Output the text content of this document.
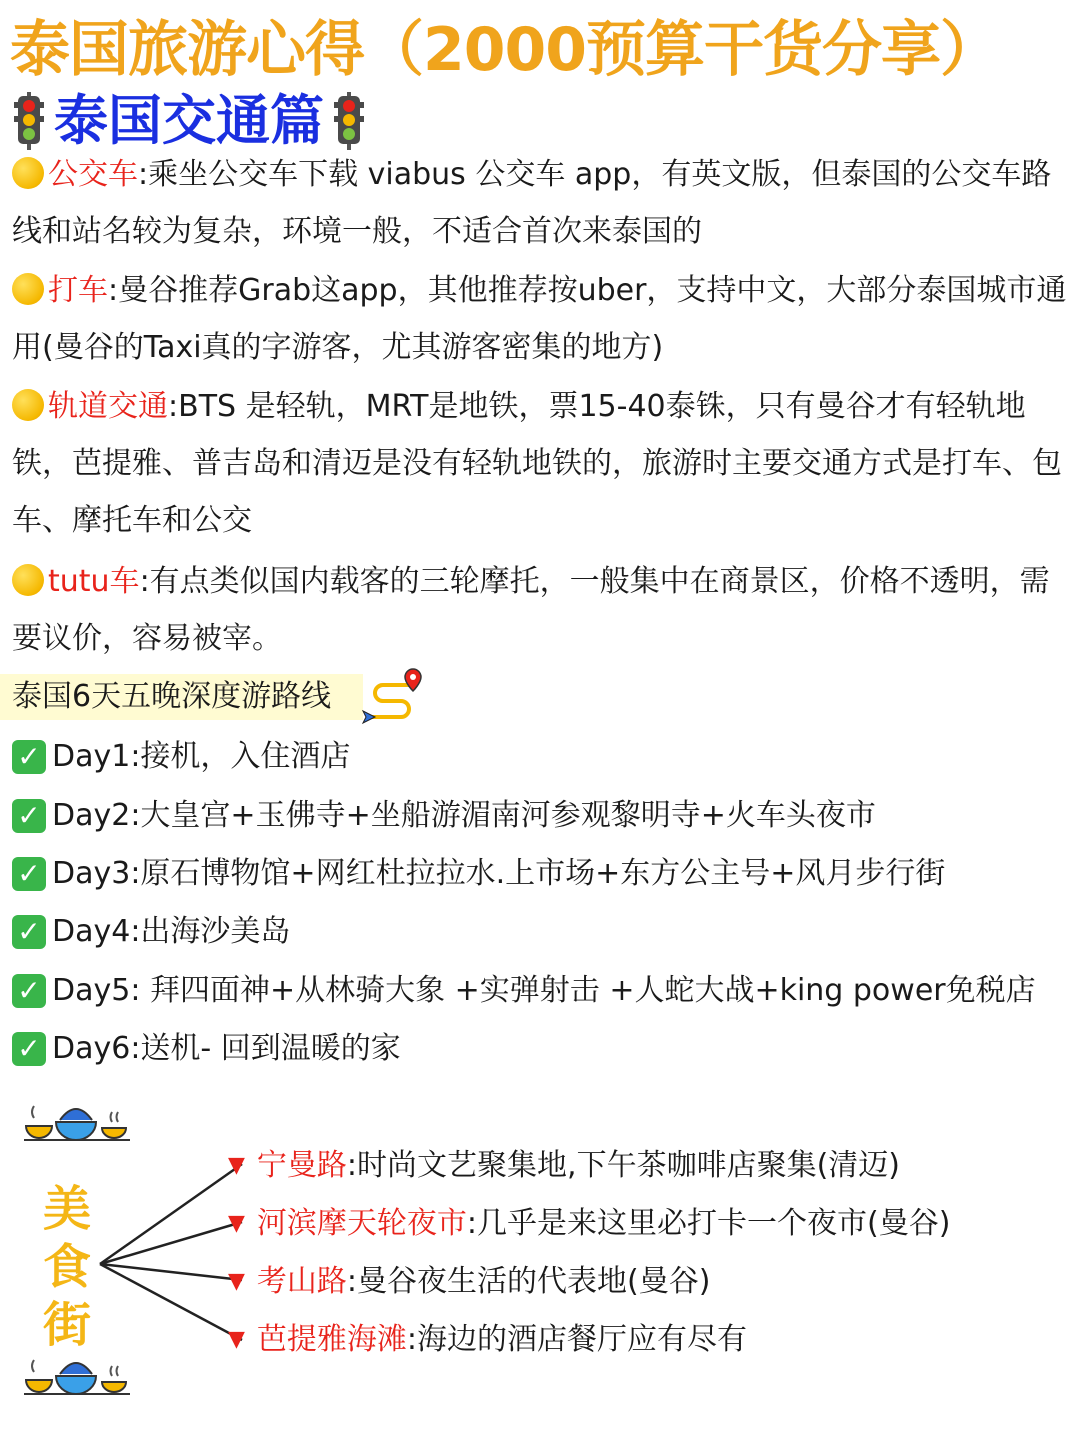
泰国旅游心得（2000预算干货分享）
泰国交通篇
公交车:乘坐公交车下载 viabus 公交车 app，有英文版，但泰国的公交车路线和站名较为复杂，环境一般，不适合首次来泰国的
打车:曼谷推荐Grab这app，其他推荐按uber，支持中文，大部分泰国城市通用(曼谷的Taxi真的字游客，尤其游客密集的地方)
轨道交通:BTS 是轻轨，MRT是地铁，票15-40泰铢，只有曼谷才有轻轨地铁，芭提雅、普吉岛和清迈是没有轻轨地铁的，旅游时主要交通方式是打车、包车、摩托车和公交
tutu车:有点类似国内载客的三轮摩托，一般集中在商景区，价格不透明，需要议价，容易被宰。
泰国6天五晚深度游路线
✓ Day1:接机，入住酒店
✓ Day2:大皇宫+玉佛寺+坐船游湄南河参观黎明寺+火车头夜市
✓ Day3:原石博物馆+网红杜拉拉水.上市场+东方公主号+风月步行街
✓ Day4:出海沙美岛
✓ Day5: 拜四面神+从林骑大象 +实弹射击 +人蛇大战+king power免税店
✓ Day6:送机- 回到温暖的家
美
食
街
▼ 宁曼路 :时尚文艺聚集地,下午茶咖啡店聚集(清迈)
▼ 河滨摩天轮夜市 :几乎是来这里必打卡一个夜市(曼谷)
▼ 考山路 :曼谷夜生活的代表地(曼谷)
▼ 芭提雅海滩 :海边的酒店餐厅应有尽有
